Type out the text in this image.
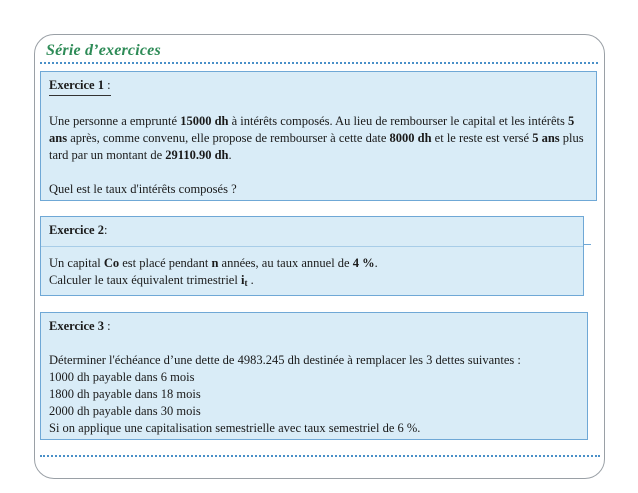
Série d’exercices

Exercice 1 :

Une personne a emprunté 15000 dh à intérêts composés. Au lieu de rembourser le capital et les intérêts 5 ans après, comme convenu, elle propose de rembourser à cette date 8000 dh et le reste est versé 5 ans plus tard par un montant de 29110.90 dh.

Quel est le taux d'intérêts composés ?

Exercice 2:

Un capital Co est placé pendant n années, au taux annuel de 4 %.

Calculer le taux équivalent trimestriel $i_t$ .

Exercice 3 :

Déterminer l'échéance d’une dette de 4983.245 dh destinée à remplacer les 3 dettes suivantes :

1000 dh payable dans 6 mois

1800 dh payable dans 18 mois

2000 dh payable dans 30 mois

Si on applique une capitalisation semestrielle avec taux semestriel de 6 %.
